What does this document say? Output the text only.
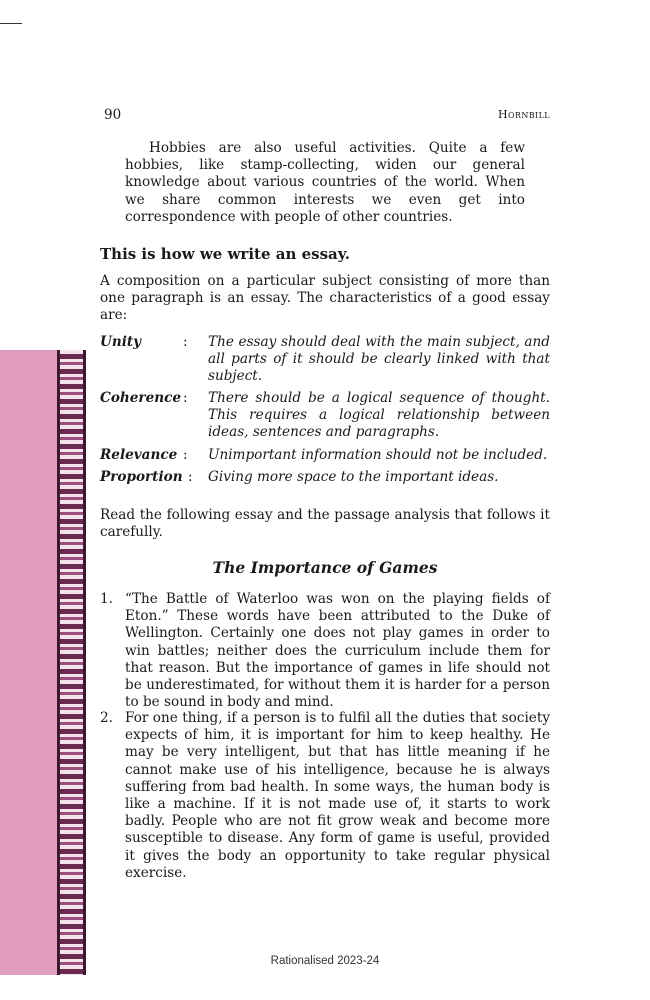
90	Hornbill

Hobbies are also useful activities. Quite a few hobbies, like stamp-collecting, widen our general knowledge about various countries of the world. When we share common interests we even get into correspondence with people of other countries.

This is how we write an essay.

A composition on a particular subject consisting of more than one paragraph is an essay. The characteristics of a good essay are:

Unity	: The essay should deal with the main subject, and all parts of it should be clearly linked with that subject.
Coherence : There should be a logical sequence of thought. This requires a logical relationship between ideas, sentences and paragraphs.
Relevance : Unimportant information should not be included.
Proportion : Giving more space to the important ideas.

Read the following essay and the passage analysis that follows it carefully.

The Importance of Games
1. “The Battle of Waterloo was won on the playing fields of Eton.” These words have been attributed to the Duke of Wellington. Certainly one does not play games in order to win battles; neither does the curriculum include them for that reason. But the importance of games in life should not be underestimated, for without them it is harder for a person to be sound in body and mind.
2. For one thing, if a person is to fulfil all the duties that society expects of him, it is important for him to keep healthy. He may be very intelligent, but that has little meaning if he cannot make use of his intelligence, because he is always suffering from bad health. In some ways, the human body is like a machine. If it is not made use of, it starts to work badly. People who are not fit grow weak and become more susceptible to disease. Any form of game is useful, provided it gives the body an opportunity to take regular physical exercise.
Rationalised 2023-24
